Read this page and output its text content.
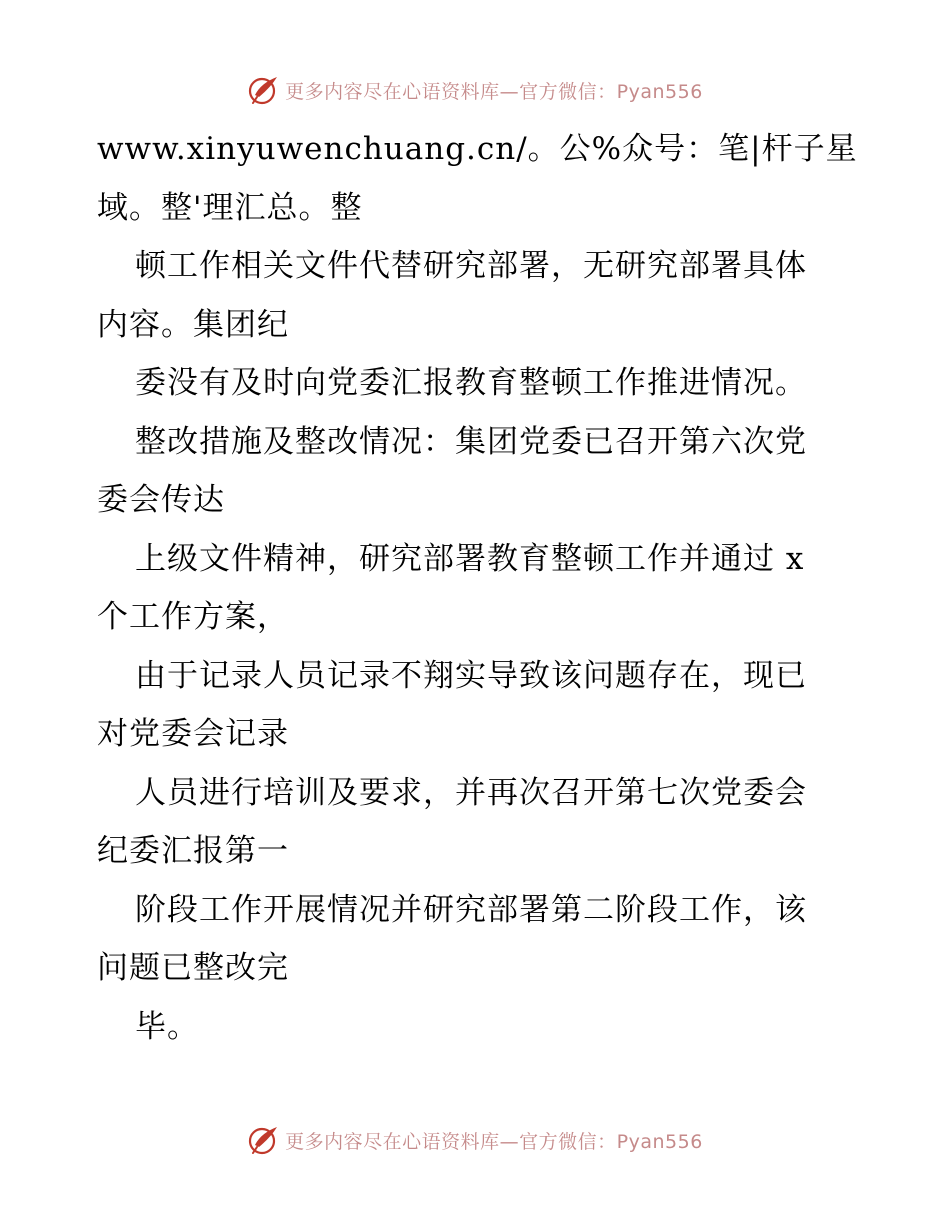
更多内容尽在心语资料库—官方微信：Pyan556
www.xinyuwenchuang.cn/。公%众号：笔|杆子星
域。整'理汇总。整
顿工作相关文件代替研究部署，无研究部署具体
内容。集团纪
委没有及时向党委汇报教育整顿工作推进情况。
整改措施及整改情况：集团党委已召开第六次党
委会传达
上级文件精神，研究部署教育整顿工作并通过 x
个工作方案，
由于记录人员记录不翔实导致该问题存在，现已
对党委会记录
人员进行培训及要求，并再次召开第七次党委会
纪委汇报第一
阶段工作开展情况并研究部署第二阶段工作，该
问题已整改完
毕。
更多内容尽在心语资料库—官方微信：Pyan556
